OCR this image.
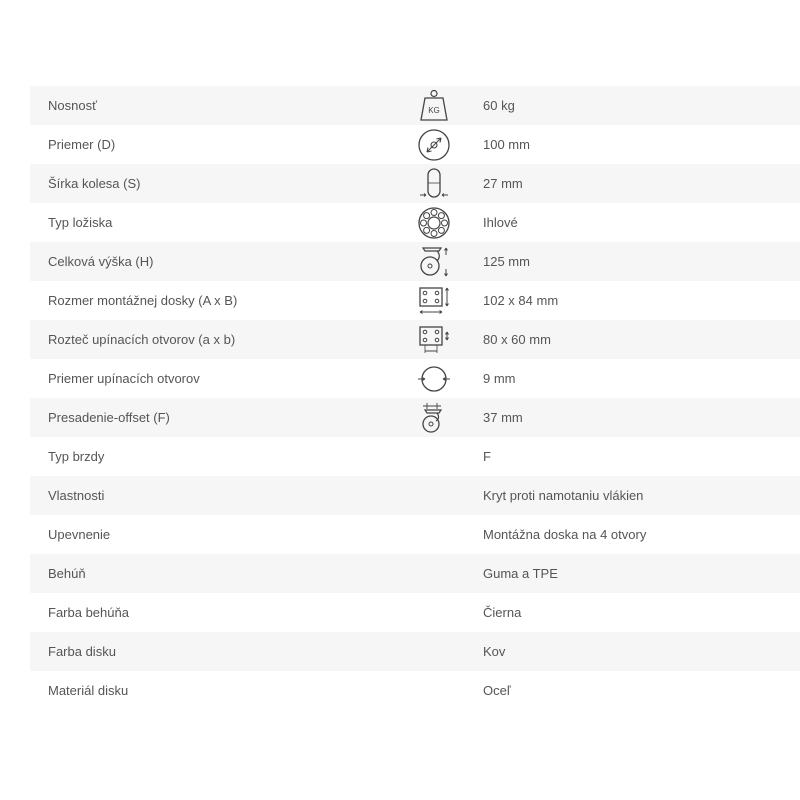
Nosnosť	KG	60 kg
Priemer (D)	100 mm
Šírka kolesa (S)	27 mm
Typ ložiska	Ihlové
Celková výška (H)	125 mm
Rozmer montážnej dosky (A x B)	102 x 84 mm
Rozteč upínacích otvorov (a x b)	80 x 60 mm
Priemer upínacích otvorov	9 mm
Presadenie-offset (F)	37 mm
Typ brzdy	F
Vlastnosti	Kryt proti namotaniu vlákien
Upevnenie	Montážna doska na 4 otvory
Behúň	Guma a TPE
Farba behúňa	Čierna
Farba disku	Kov
Materiál disku	Oceľ
